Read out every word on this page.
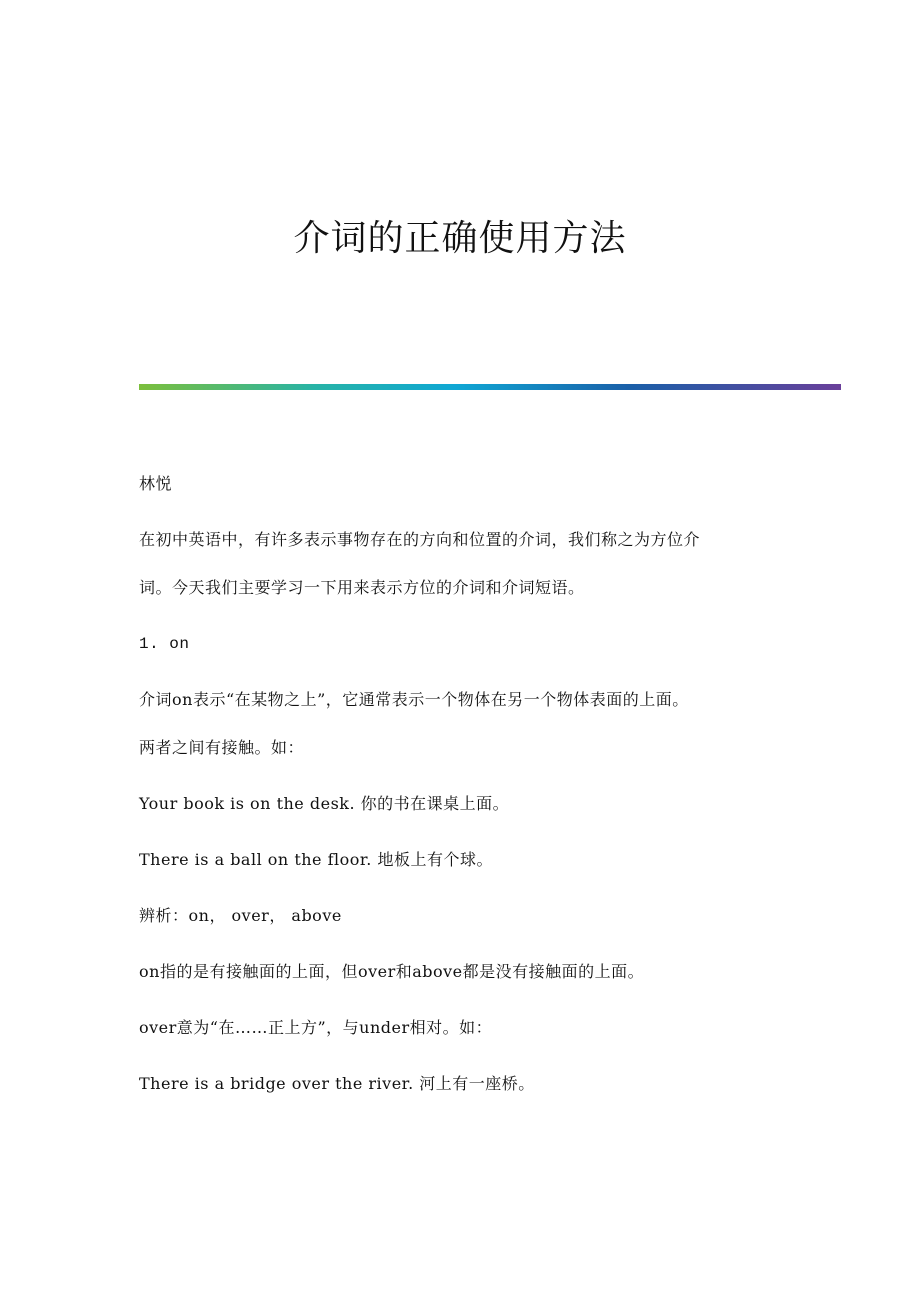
介词的正确使用方法

林悦

在初中英语中，有许多表示事物存在的方向和位置的介词，我们称之为方位介

词。今天我们主要学习一下用来表示方位的介词和介词短语。

1. on

介词on表示“在某物之上”，它通常表示一个物体在另一个物体表面的上面。

两者之间有接触。如：

Your book is on the desk. 你的书在课桌上面。

There is a ball on the floor. 地板上有个球。

辨析：on， over， above

on指的是有接触面的上面，但over和above都是没有接触面的上面。

over意为“在……正上方”，与under相对。如：

There is a bridge over the river. 河上有一座桥。
